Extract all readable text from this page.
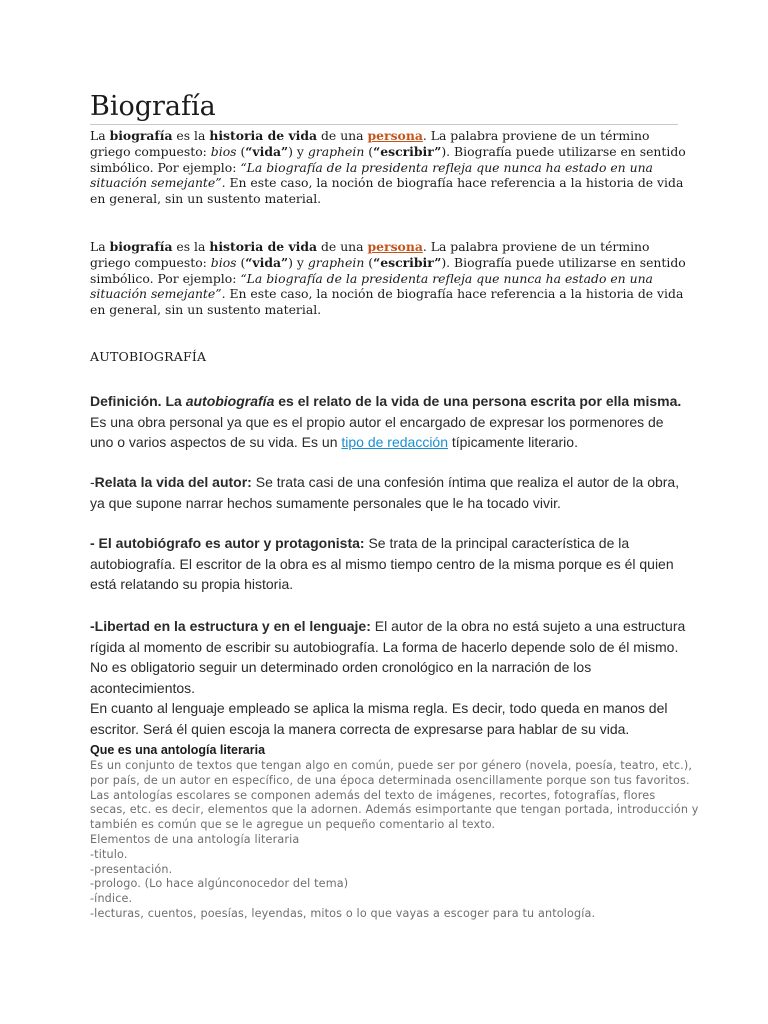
Biografía
La biografía es la historia de vida de una persona. La palabra proviene de un término griego compuesto: bios (“vida”) y graphein (“escribir”). Biografía puede utilizarse en sentido simbólico. Por ejemplo: “La biografía de la presidenta refleja que nunca ha estado en una situación semejante”. En este caso, la noción de biografía hace referencia a la historia de vida en general, sin un sustento material.
La biografía es la historia de vida de una persona. La palabra proviene de un término griego compuesto: bios (“vida”) y graphein (“escribir”). Biografía puede utilizarse en sentido simbólico. Por ejemplo: “La biografía de la presidenta refleja que nunca ha estado en una situación semejante”. En este caso, la noción de biografía hace referencia a la historia de vida en general, sin un sustento material.
AUTOBIOGRAFÍA
Definición. La autobiografía es el relato de la vida de una persona escrita por ella misma. Es una obra personal ya que es el propio autor el encargado de expresar los pormenores de uno o varios aspectos de su vida. Es un tipo de redacción típicamente literario.
-Relata la vida del autor: Se trata casi de una confesión íntima que realiza el autor de la obra, ya que supone narrar hechos sumamente personales que le ha tocado vivir.
- El autobiógrafo es autor y protagonista: Se trata de la principal característica de la autobiografía. El escritor de la obra es al mismo tiempo centro de la misma porque es él quien está relatando su propia historia.
-Libertad en la estructura y en el lenguaje: El autor de la obra no está sujeto a una estructura rígida al momento de escribir su autobiografía. La forma de hacerlo depende solo de él mismo. No es obligatorio seguir un determinado orden cronológico en la narración de los acontecimientos.
En cuanto al lenguaje empleado se aplica la misma regla. Es decir, todo queda en manos del escritor. Será él quien escoja la manera correcta de expresarse para hablar de su vida.
Que es una antología literaria
Es un conjunto de textos que tengan algo en común, puede ser por género (novela, poesía, teatro, etc.),
por país, de un autor en específico, de una época determinada osencillamente porque son tus favoritos.
Las antologías escolares se componen además del texto de imágenes, recortes, fotografías, flores
secas, etc. es decir, elementos que la adornen. Además esimportante que tengan portada, introducción y
también es común que se le agregue un pequeño comentario al texto.
Elementos de una antología literaria
-titulo.
-presentación.
-prologo. (Lo hace algúnconocedor del tema)
-índice.
-lecturas, cuentos, poesías, leyendas, mitos o lo que vayas a escoger para tu antología.
